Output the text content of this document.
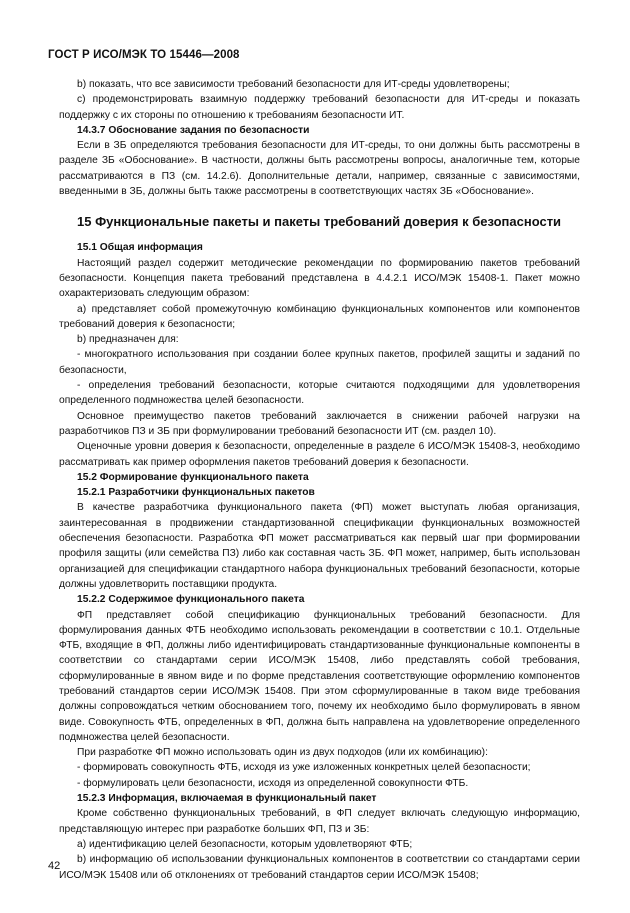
ГОСТ Р ИСО/МЭК ТО 15446—2008

b) показать, что все зависимости требований безопасности для ИТ-среды удовлетворены;

c) продемонстрировать взаимную поддержку требований безопасности для ИТ-среды и показать поддержку с их стороны по отношению к требованиям безопасности ИТ.

14.3.7 Обоснование задания по безопасности

Если в ЗБ определяются требования безопасности для ИТ-среды, то они должны быть рассмотрены в разделе ЗБ «Обоснование». В частности, должны быть рассмотрены вопросы, аналогичные тем, которые рассматриваются в ПЗ (см. 14.2.6). Дополнительные детали, например, связанные с зависимостями, введенными в ЗБ, должны быть также рассмотрены в соответствующих частях ЗБ «Обоснование».

15 Функциональные пакеты и пакеты требований доверия к безопасности

15.1 Общая информация

Настоящий раздел содержит методические рекомендации по формированию пакетов требований безопасности. Концепция пакета требований представлена в 4.4.2.1 ИСО/МЭК 15408-1. Пакет можно охарактеризовать следующим образом:

a) представляет собой промежуточную комбинацию функциональных компонентов или компонентов требований доверия к безопасности;

b) предназначен для:

- многократного использования при создании более крупных пакетов, профилей защиты и заданий по безопасности,

- определения требований безопасности, которые считаются подходящими для удовлетворения определенного подмножества целей безопасности.

Основное преимущество пакетов требований заключается в снижении рабочей нагрузки на разработчиков ПЗ и ЗБ при формулировании требований безопасности ИТ (см. раздел 10).

Оценочные уровни доверия к безопасности, определенные в разделе 6 ИСО/МЭК 15408-3, необходимо рассматривать как пример оформления пакетов требований доверия к безопасности.

15.2 Формирование функционального пакета

15.2.1 Разработчики функциональных пакетов

В качестве разработчика функционального пакета (ФП) может выступать любая организация, заинтересованная в продвижении стандартизованной спецификации функциональных возможностей обеспечения безопасности. Разработка ФП может рассматриваться как первый шаг при формировании профиля защиты (или семейства ПЗ) либо как составная часть ЗБ. ФП может, например, быть использован организацией для спецификации стандартного набора функциональных требований безопасности, которые должны удовлетворить поставщики продукта.

15.2.2 Содержимое функционального пакета

ФП представляет собой спецификацию функциональных требований безопасности. Для формулирования данных ФТБ необходимо использовать рекомендации в соответствии с 10.1. Отдельные ФТБ, входящие в ФП, должны либо идентифицировать стандартизованные функциональные компоненты в соответствии со стандартами серии ИСО/МЭК 15408, либо представлять собой требования, сформулированные в явном виде и по форме представления соответствующие оформлению компонентов требований стандартов серии ИСО/МЭК 15408. При этом сформулированные в таком виде требования должны сопровождаться четким обоснованием того, почему их необходимо было формулировать в явном виде. Совокупность ФТБ, определенных в ФП, должна быть направлена на удовлетворение определенного подмножества целей безопасности.

При разработке ФП можно использовать один из двух подходов (или их комбинацию):

- формировать совокупность ФТБ, исходя из уже изложенных конкретных целей безопасности;

- формулировать цели безопасности, исходя из определенной совокупности ФТБ.

15.2.3 Информация, включаемая в функциональный пакет

Кроме собственно функциональных требований, в ФП следует включать следующую информацию, представляющую интерес при разработке больших ФП, ПЗ и ЗБ:

a) идентификацию целей безопасности, которым удовлетворяют ФТБ;

b) информацию об использовании функциональных компонентов в соответствии со стандартами серии ИСО/МЭК 15408 или об отклонениях от требований стандартов серии ИСО/МЭК 15408;

42
